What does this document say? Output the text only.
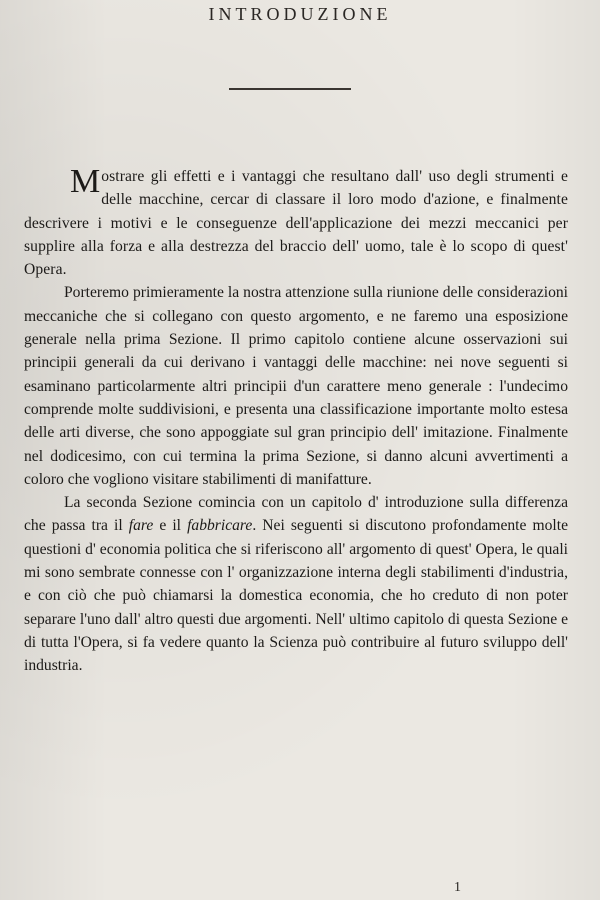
INTRODUZIONE

Mostrare gli effetti e i vantaggi che resultano dall' uso degli strumenti e delle macchine, cercar di classare il loro modo d'azione, e finalmente descrivere i motivi e le conseguenze dell'applicazione dei mezzi meccanici per supplire alla forza e alla destrezza del braccio dell' uomo, tale è lo scopo di quest' Opera.

Porteremo primieramente la nostra attenzione sulla riunione delle considerazioni meccaniche che si collegano con questo argomento, e ne faremo una esposizione generale nella prima Sezione. Il primo capitolo contiene alcune osservazioni sui principii generali da cui derivano i vantaggi delle macchine: nei nove seguenti si esaminano particolarmente altri principii d'un carattere meno generale : l'undecimo comprende molte suddivisioni, e presenta una classificazione importante molto estesa delle arti diverse, che sono appoggiate sul gran principio dell' imitazione. Finalmente nel dodicesimo, con cui termina la prima Sezione, si danno alcuni avvertimenti a coloro che vogliono visitare stabilimenti di manifatture.

La seconda Sezione comincia con un capitolo d' introduzione sulla differenza che passa tra il fare e il fabbricare. Nei seguenti si discutono profondamente molte questioni d' economia politica che si riferiscono all' argomento di quest' Opera, le quali mi sono sembrate connesse con l' organizzazione interna degli stabilimenti d'industria, e con ciò che può chiamarsi la domestica economia, che ho creduto di non poter separare l'uno dall' altro questi due argomenti. Nell' ultimo capitolo di questa Sezione e di tutta l'Opera, si fa vedere quanto la Scienza può contribuire al futuro sviluppo dell' industria.

1
